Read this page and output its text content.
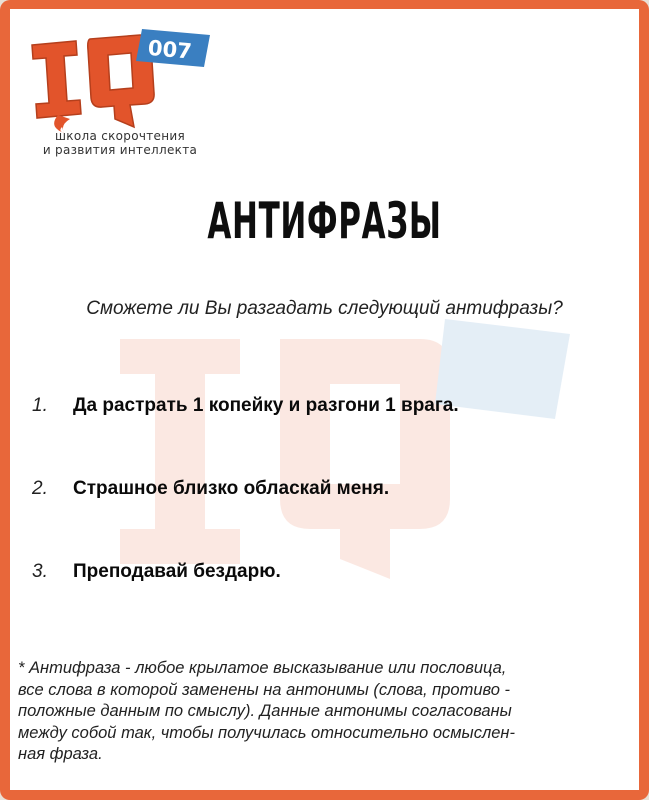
007
школа скорочтения
и развития интеллекта
АНТИФРАЗЫ
Сможете ли Вы разгадать следующий антифразы?
1. Да растрать 1 копейку и разгони 1 врага.
2. Страшное близко обласкай меня.
3. Преподавай бездарю.
* Антифраза - любое крылатое высказывание или пословица,
все слова в которой заменены на антонимы (слова, противо -
положные данным по смыслу). Данные антонимы согласованы
между собой так, чтобы получилась относительно осмыслен-
ная фраза.
